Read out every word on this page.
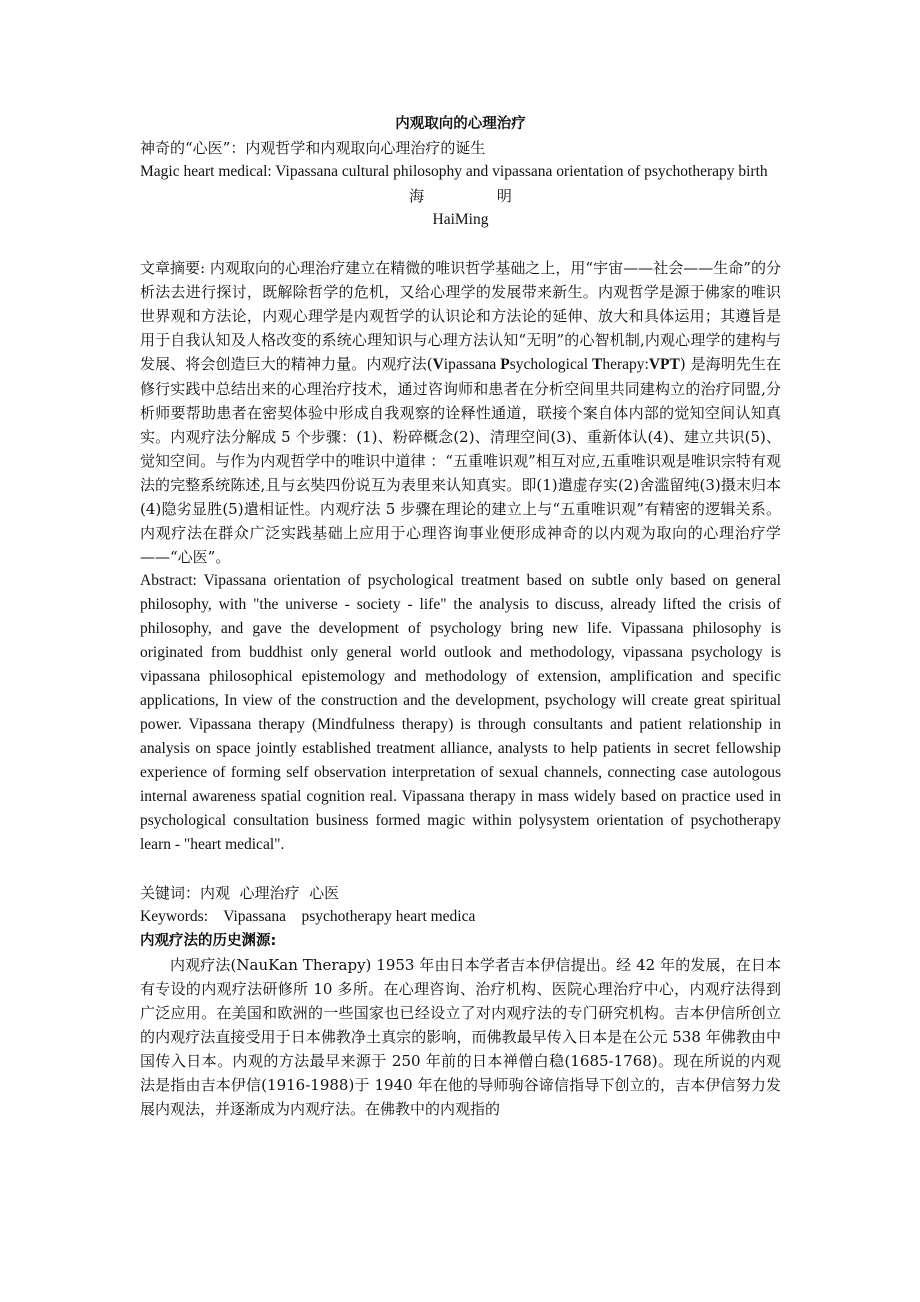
内观取向的心理治疗

神奇的“心医”：内观哲学和内观取向心理治疗的诞生

Magic heart medical: Vipassana cultural philosophy and vipassana orientation of psychotherapy birth

海 明

HaiMing

文章摘要: 内观取向的心理治疗建立在精微的唯识哲学基础之上，用“宇宙——社会——生命”的分析法去进行探讨，既解除哲学的危机，又给心理学的发展带来新生。内观哲学是源于佛家的唯识世界观和方法论，内观心理学是内观哲学的认识论和方法论的延伸、放大和具体运用；其遵旨是用于自我认知及人格改变的系统心理知识与心理方法认知“无明”的心智机制,内观心理学的建构与发展、将会创造巨大的精神力量。内观疗法(Vipassana Psychological Therapy:VPT) 是海明先生在修行实践中总结出来的心理治疗技术，通过咨询师和患者在分析空间里共同建构立的治疗同盟,分析师要帮助患者在密契体验中形成自我观察的诠释性通道，联接个案自体内部的觉知空间认知真实。内观疗法分解成 5 个步骤：(1)、粉碎概念(2)、清理空间(3)、重新体认(4)、建立共识(5)、觉知空间。与作为内观哲学中的唯识中道律 ：“五重唯识观”相互对应,五重唯识观是唯识宗特有观法的完整系统陈述,且与玄奘四份说互为表里来认知真实。即(1)遣虚存实(2)舍滥留纯(3)摄末归本(4)隐劣显胜(5)遣相证性。内观疗法 5 步骤在理论的建立上与“五重唯识观”有精密的逻辑关系。内观疗法在群众广泛实践基础上应用于心理咨询事业便形成神奇的以内观为取向的心理治疗学——“心医”。

Abstract: Vipassana orientation of psychological treatment based on subtle only based on general philosophy, with "the universe - society - life" the analysis to discuss, already lifted the crisis of philosophy, and gave the development of psychology bring new life. Vipassana philosophy is originated from buddhist only general world outlook and methodology, vipassana psychology is vipassana philosophical epistemology and methodology of extension, amplification and specific applications, In view of the construction and the development, psychology will create great spiritual power. Vipassana therapy (Mindfulness therapy) is through consultants and patient relationship in analysis on space jointly established treatment alliance, analysts to help patients in secret fellowship experience of forming self observation interpretation of sexual channels, connecting case autologous internal awareness spatial cognition real. Vipassana therapy in mass widely based on practice used in psychological consultation business formed magic within polysystem orientation of psychotherapy learn - "heart medical".

关键词：内观  心理治疗  心医

Keywords:    Vipassana    psychotherapy heart medica

内观疗法的历史渊源:

内观疗法(NauKan Therapy) 1953 年由日本学者吉本伊信提出。经 42 年的发展，在日本有专设的内观疗法研修所 10 多所。在心理咨询、治疗机构、医院心理治疗中心，内观疗法得到广泛应用。在美国和欧洲的一些国家也已经设立了对内观疗法的专门研究机构。吉本伊信所创立的内观疗法直接受用于日本佛教净土真宗的影响，而佛教最早传入日本是在公元 538 年佛教由中国传入日本。内观的方法最早来源于 250 年前的日本禅僧白稳(1685-1768)。现在所说的内观法是指由吉本伊信(1916-1988)于 1940 年在他的导师驹谷谛信指导下创立的，吉本伊信努力发展内观法，并逐渐成为内观疗法。在佛教中的内观指的
